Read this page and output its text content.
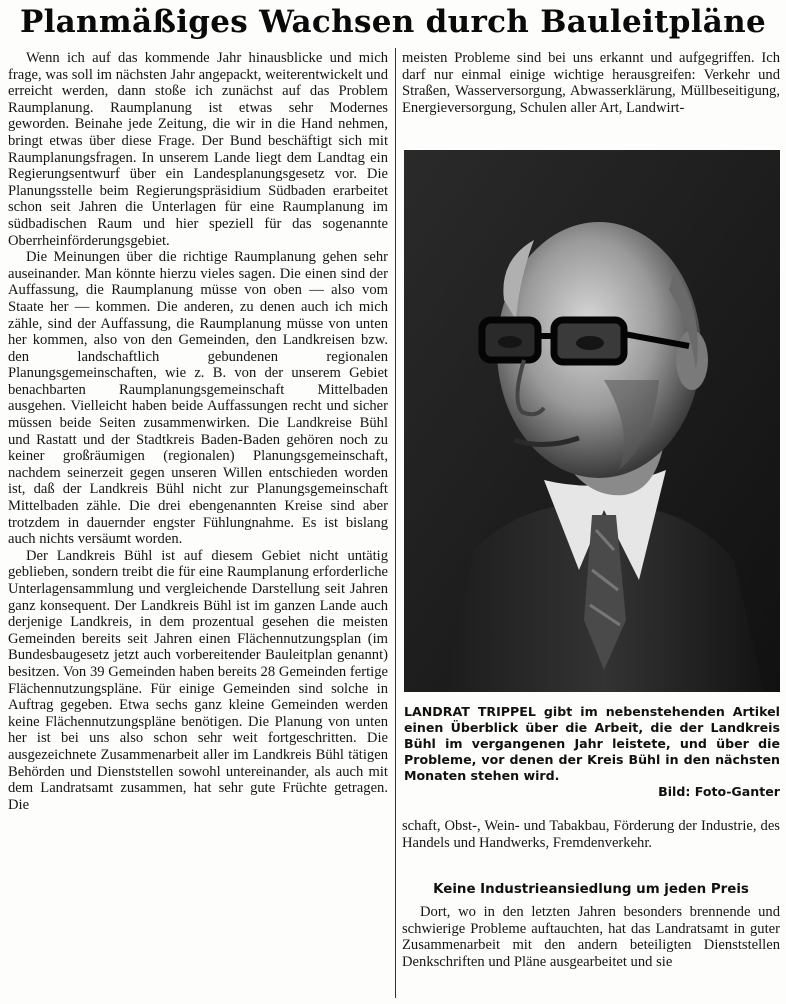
Planmäßiges Wachsen durch Bauleitpläne

Wenn ich auf das kommende Jahr hinausblicke und mich frage, was soll im nächsten Jahr angepackt, weiterentwickelt und erreicht werden, dann stoße ich zunächst auf das Problem Raumplanung. Raumplanung ist etwas sehr Modernes geworden. Beinahe jede Zeitung, die wir in die Hand nehmen, bringt etwas über diese Frage. Der Bund beschäftigt sich mit Raumplanungsfragen. In unserem Lande liegt dem Landtag ein Regierungsentwurf über ein Landesplanungsgesetz vor. Die Planungsstelle beim Regierungspräsidium Südbaden erarbeitet schon seit Jahren die Unterlagen für eine Raumplanung im südbadischen Raum und hier speziell für das sogenannte Oberrheinförderungsgebiet.

Die Meinungen über die richtige Raumplanung gehen sehr auseinander. Man könnte hierzu vieles sagen. Die einen sind der Auffassung, die Raumplanung müsse von oben — also vom Staate her — kommen. Die anderen, zu denen auch ich mich zähle, sind der Auffassung, die Raumplanung müsse von unten her kommen, also von den Gemeinden, den Landkreisen bzw. den landschaftlich gebundenen regionalen Planungsgemeinschaften, wie z. B. von der unserem Gebiet benachbarten Raumplanungsgemeinschaft Mittelbaden ausgehen. Vielleicht haben beide Auffassungen recht und sicher müssen beide Seiten zusammenwirken. Die Landkreise Bühl und Rastatt und der Stadtkreis Baden-Baden gehören noch zu keiner großräumigen (regionalen) Planungsgemeinschaft, nachdem seinerzeit gegen unseren Willen entschieden worden ist, daß der Landkreis Bühl nicht zur Planungsgemeinschaft Mittelbaden zähle. Die drei ebengenannten Kreise sind aber trotzdem in dauernder engster Fühlungnahme. Es ist bislang auch nichts versäumt worden.

Der Landkreis Bühl ist auf diesem Gebiet nicht untätig geblieben, sondern treibt die für eine Raumplanung erforderliche Unterlagensammlung und vergleichende Darstellung seit Jahren ganz konsequent. Der Landkreis Bühl ist im ganzen Lande auch derjenige Landkreis, in dem prozentual gesehen die meisten Gemeinden bereits seit Jahren einen Flächennutzungsplan (im Bundesbaugesetz jetzt auch vorbereitender Bauleitplan genannt) besitzen. Von 39 Gemeinden haben bereits 28 Gemeinden fertige Flächennutzungspläne. Für einige Gemeinden sind solche in Auftrag gegeben. Etwa sechs ganz kleine Gemeinden werden keine Flächennutzungspläne benötigen. Die Planung von unten her ist bei uns also schon sehr weit fortgeschritten. Die ausgezeichnete Zusammenarbeit aller im Landkreis Bühl tätigen Behörden und Dienststellen sowohl untereinander, als auch mit dem Landratsamt zusammen, hat sehr gute Früchte getragen. Die

meisten Probleme sind bei uns erkannt und aufgegriffen. Ich darf nur einmal einige wichtige herausgreifen: Verkehr und Straßen, Wasserversorgung, Abwasserklärung, Müllbeseitigung, Energieversorgung, Schulen aller Art, Landwirt-

LANDRAT TRIPPEL gibt im nebenstehenden Artikel einen Überblick über die Arbeit, die der Landkreis Bühl im vergangenen Jahr leistete, und über die Probleme, vor denen der Kreis Bühl in den nächsten Monaten stehen wird.
Bild: Foto-Ganter

schaft, Obst-, Wein- und Tabakbau, Förderung der Industrie, des Handels und Handwerks, Fremdenverkehr.

Keine Industrieansiedlung um jeden Preis

Dort, wo in den letzten Jahren besonders brennende und schwierige Probleme auftauchten, hat das Landratsamt in guter Zusammenarbeit mit den andern beteiligten Dienststellen Denkschriften und Pläne ausgearbeitet und sie
